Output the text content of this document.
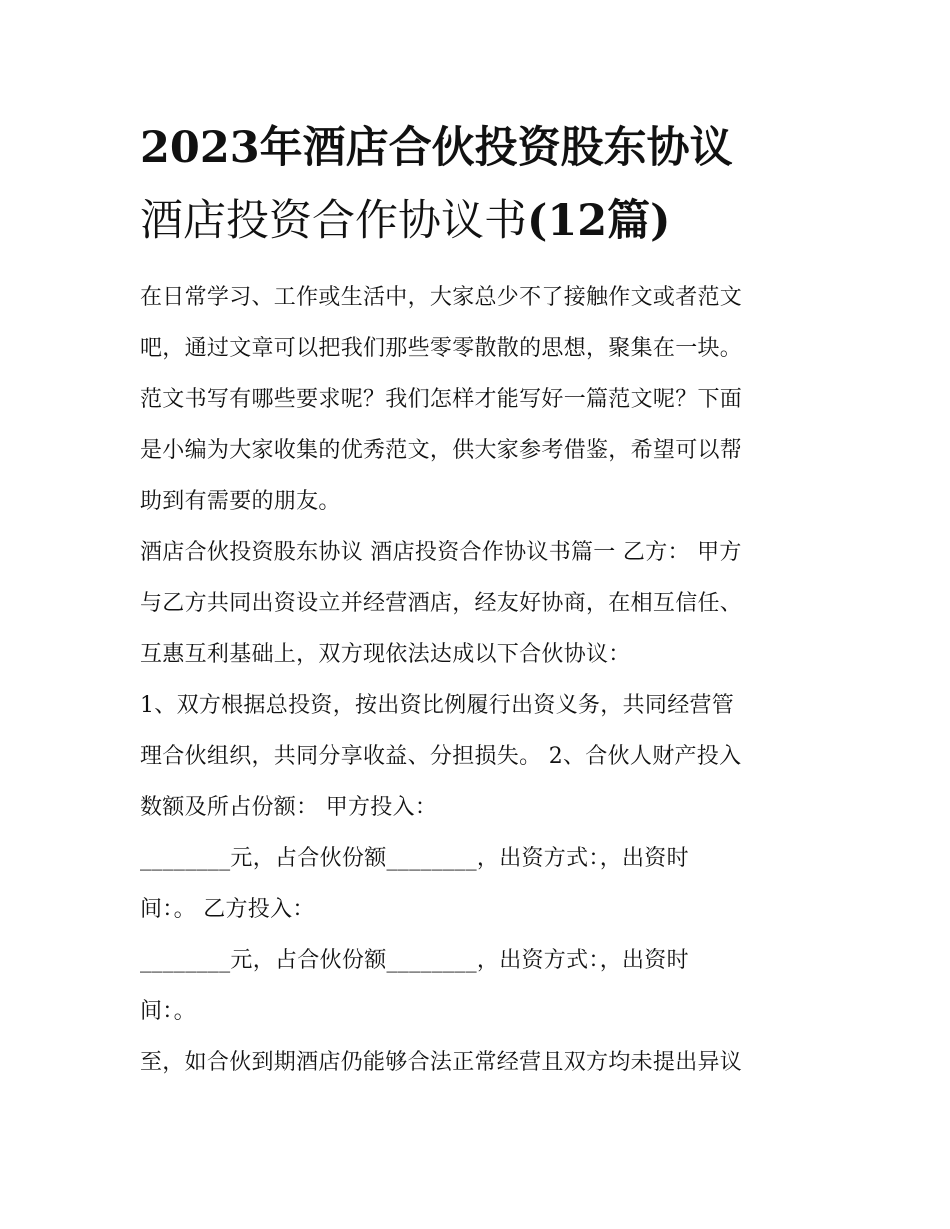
2023年酒店合伙投资股东协议
酒店投资合作协议书(12篇)
在日常学习、工作或生活中，大家总少不了接触作文或者范文
吧，通过文章可以把我们那些零零散散的思想，聚集在一块。
范文书写有哪些要求呢？我们怎样才能写好一篇范文呢？下面
是小编为大家收集的优秀范文，供大家参考借鉴，希望可以帮
助到有需要的朋友。
酒店合伙投资股东协议 酒店投资合作协议书篇一 乙方： 甲方
与乙方共同出资设立并经营酒店，经友好协商，在相互信任、
互惠互利基础上，双方现依法达成以下合伙协议：
1、双方根据总投资，按出资比例履行出资义务，共同经营管
理合伙组织，共同分享收益、分担损失。 2、合伙人财产投入
数额及所占份额： 甲方投入：
________元，占合伙份额________，出资方式：，出资时
间：。 乙方投入：
________元，占合伙份额________，出资方式：，出资时
间：。
至，如合伙到期酒店仍能够合法正常经营且双方均未提出异议
